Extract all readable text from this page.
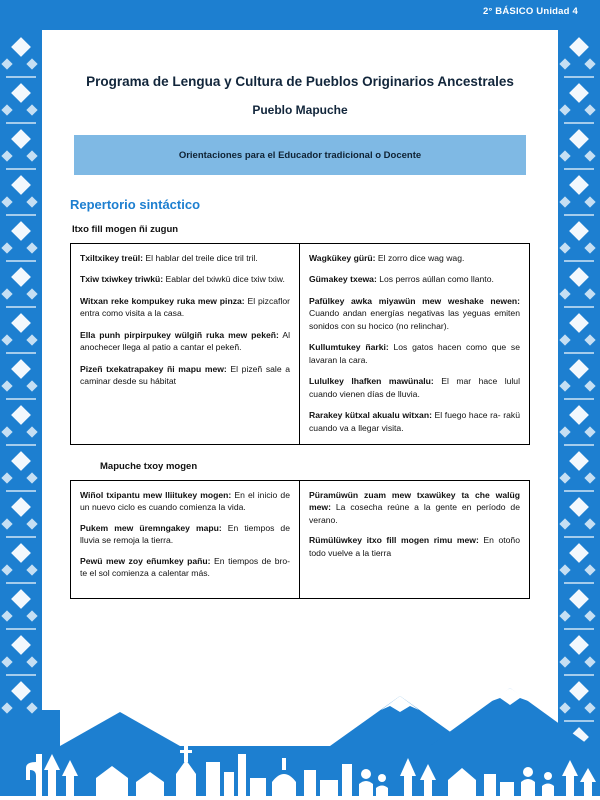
2° BÁSICO Unidad 4
Programa de Lengua y Cultura de Pueblos Originarios Ancestrales
Pueblo Mapuche
Orientaciones para el Educador tradicional o Docente
Repertorio sintáctico
Itxo fill mogen ñi zugun
Txiltxikey treül: El hablar del treile dice tril tril.
Txiw txiwkey triwkü: Eablar del txiwkü dice txiw txiw.
Witxan reke kompukey ruka mew pinza: El pizcaflor entra como visita a la casa.
Ella punh pirpirpukey wülgiñ ruka mew pekeñ: Al anochecer llega al patio a cantar el pekeñ.
Pizeñ txekatrapakey ñi mapu mew: El pizeñ sale a caminar desde su hábitat
Wagkükey gürü: El zorro dice wag wag.
Gümakey txewa: Los perros aúllan como llanto.
Pafülkey awka miyawün mew weshake newen: Cuando andan energías negativas las yeguas emiten sonidos con su hocico (no relinchar).
Kullumtukey ñarki: Los gatos hacen como que se lavaran la cara.
Lululkey lhafken mawünalu: El mar hace lulul cuando vienen días de lluvia.
Rarakey kütxal akualu witxan: El fuego hace ra- rakü cuando va a llegar visita.
Mapuche txoy mogen
Wiñol txipantu mew lliitukey mogen: En el inicio de un nuevo ciclo es cuando comienza la vida.
Pukem mew üremngakey mapu: En tiempos de lluvia se remoja la tierra.
Pewü mew zoy eñumkey pañu: En tiempos de bro- te el sol comienza a calentar más.
Püramüwün zuam mew txawükey ta che walüg mew: La cosecha reúne a la gente en período de verano.
Rümülüwkey itxo fill mogen rimu mew: En otoño todo vuelve a la tierra
